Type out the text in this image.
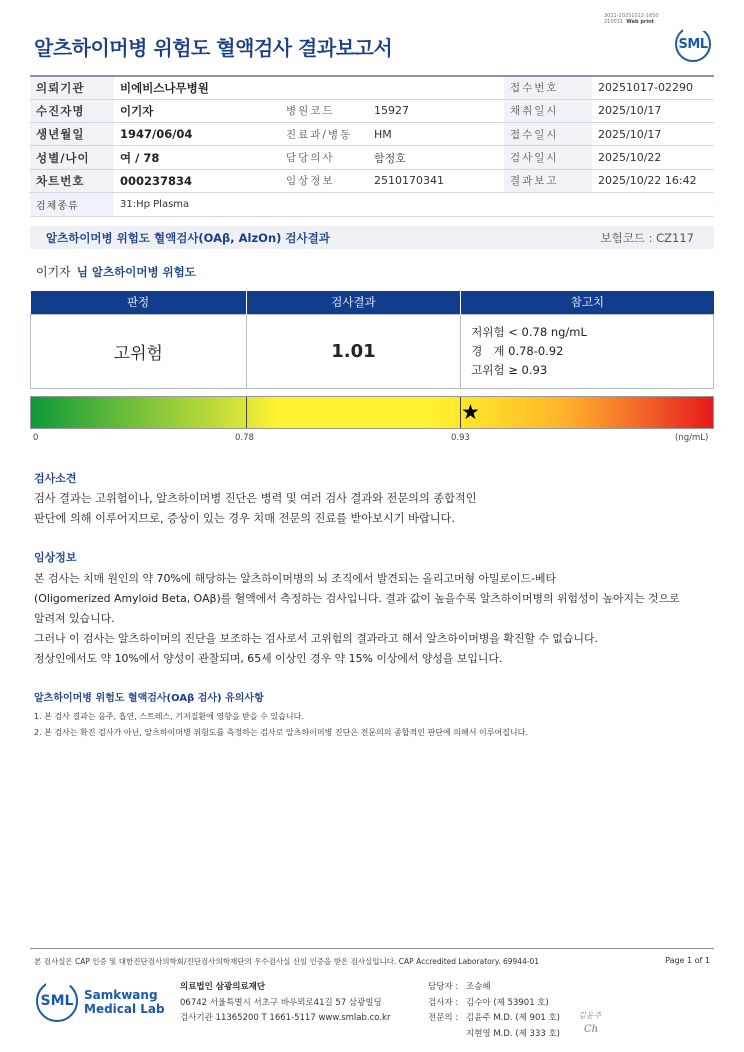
3011-20251022-1650
210031 Web print
알츠하이머병 위험도 혈액검사 결과보고서	SML
의뢰기관	비에비스나무병원			접수번호	20251017-02290
수진자명	이기자	병원코드	15927	채취일시	2025/10/17
생년월일	1947/06/04	진료과/병동	HM	접수일시	2025/10/17
성별/나이	여 / 78	담당의사	함정호	검사일시	2025/10/22
차트번호	000237834	임상정보	2510170341	결과보고	2025/10/22 16:42
검체종류	31:Hp Plasma				
알츠하이머병 위험도 혈액검사(OAβ, AlzOn) 검사결과	보험코드 : CZ117
이기자 님 알츠하이머병 위험도
판정	검사결과	참고치
고위험	1.01	저위험 < 0.78 ng/mL
경   계 0.78-0.92
고위험 ≥ 0.93
★
0	0.78	0.93	(ng/mL)
검사소견
검사 결과는 고위험이나, 알츠하이머병 진단은 병력 및 여러 검사 결과와 전문의의 종합적인
판단에 의해 이루어지므로, 증상이 있는 경우 치매 전문의 진료를 받아보시기 바랍니다.
임상정보
본 검사는 치매 원인의 약 70%에 해당하는 알츠하이머병의 뇌 조직에서 발견되는 올리고머형 아밀로이드-베타
(Oligomerized Amyloid Beta, OAβ)를 혈액에서 측정하는 검사입니다. 결과 값이 높을수록 알츠하이머병의 위험성이 높아지는 것으로
알려져 있습니다.
그러나 이 검사는 알츠하이머의 진단을 보조하는 검사로서 고위험의 결과라고 해서 알츠하이머병을 확진할 수 없습니다.
정상인에서도 약 10%에서 양성이 관찰되며, 65세 이상인 경우 약 15% 이상에서 양성을 보입니다.
알츠하이머병 위험도 혈액검사(OAβ 검사) 유의사항
1. 본 검사 결과는 음주, 흡연, 스트레스, 기저질환에 영향을 받을 수 있습니다.
2. 본 검사는 확진 검사가 아닌, 알츠하이머병 위험도를 측정하는 검사로 알츠하이머병 진단은 전문의의 종합적인 판단에 의해서 이루어집니다.
본 검사실은 CAP 인증 및 대한진단검사의학회/진단검사의학재단의 우수검사실 신임 인증을 받은 검사실입니다. CAP Accredited Laboratory. 69944-01	Page 1 of 1
SML Samkwang
Medical Lab
의료법인 삼광의료재단
06742 서울특별시 서초구 바우뫼로41길 57 삼광빌딩
검사기관 11365200 T 1661-5117 www.smlab.co.kr
담당자 : 조승혜
검사자 : 김수아 (제 53901 호)
전문의 : 김윤주 M.D. (제 901 호)
지현영 M.D. (제 333 호)
김윤주
Ch
